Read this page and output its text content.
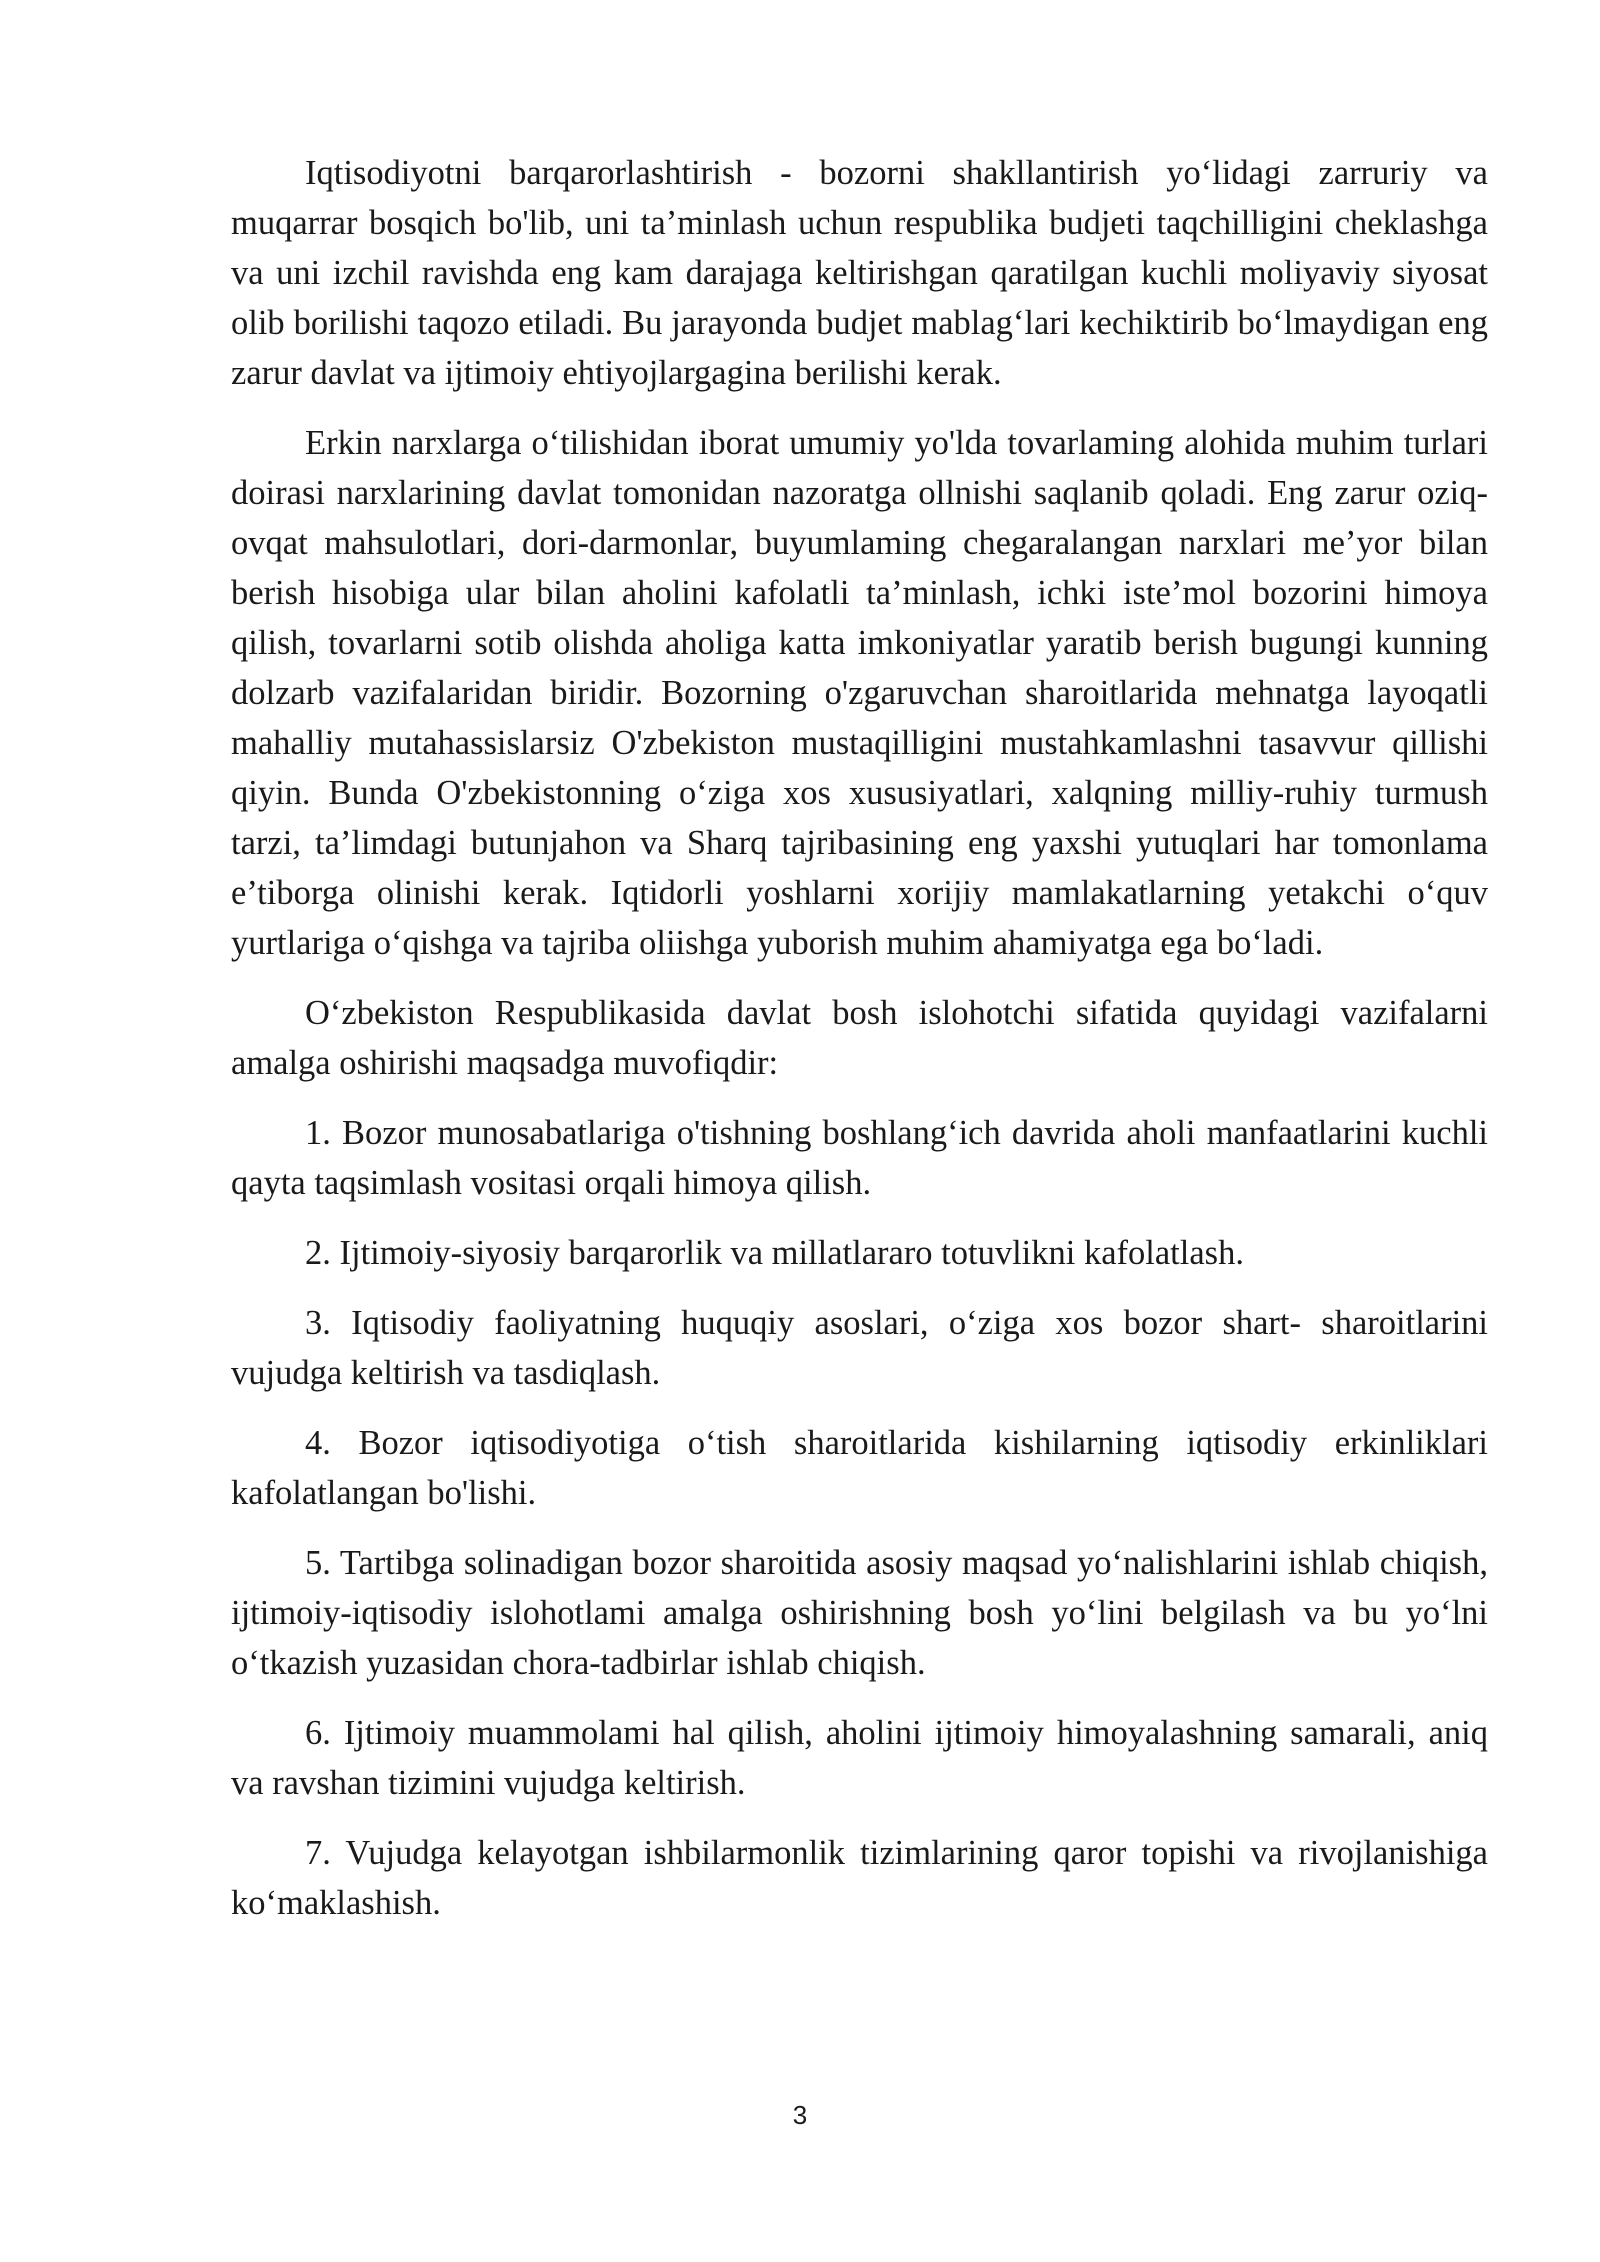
Iqtisodiyotni barqarorlashtirish - bozorni shakllantirish yo‘lidagi zarruriy va muqarrar bosqich bo'lib, uni ta’minlash uchun respublika budjeti taqchilligini cheklashga va uni izchil ravishda eng kam darajaga keltirishgan qaratilgan kuchli moliyaviy siyosat olib borilishi taqozo etiladi. Bu jarayonda budjet mablag‘lari kechiktirib bo‘lmaydigan eng zarur davlat va ijtimoiy ehtiyojlargagina berilishi kerak.

Erkin narxlarga o‘tilishidan iborat umumiy yo'lda tovarlaming alohida muhim turlari doirasi narxlarining davlat tomonidan nazoratga ollnishi saqlanib qoladi. Eng zarur oziq-ovqat mahsulotlari, dori-darmonlar, buyumlaming chegaralangan narxlari me’yor bilan berish hisobiga ular bilan aholini kafolatli ta’minlash, ichki iste’mol bozorini himoya qilish, tovarlarni sotib olishda aholiga katta imkoniyatlar yaratib berish bugungi kunning dolzarb vazifalaridan biridir. Bozorning o'zgaruvchan sharoitlarida mehnatga layoqatli mahalliy mutahassislarsiz O'zbekiston mustaqilligini mustahkamlashni tasavvur qillishi qiyin. Bunda O'zbekistonning o‘ziga xos xususiyatlari, xalqning milliy-ruhiy turmush tarzi, ta’limdagi butunjahon va Sharq tajribasining eng yaxshi yutuqlari har tomonlama e’tiborga olinishi kerak. Iqtidorli yoshlarni xorijiy mamlakatlarning yetakchi o‘quv yurtlariga o‘qishga va tajriba oliishga yuborish muhim ahamiyatga ega bo‘ladi.

O‘zbekiston Respublikasida davlat bosh islohotchi sifatida quyidagi vazifalarni amalga oshirishi maqsadga muvofiqdir:

1. Bozor munosabatlariga o'tishning boshlang‘ich davrida aholi manfaatlarini kuchli qayta taqsimlash vositasi orqali himoya qilish.

2. Ijtimoiy-siyosiy barqarorlik va millatlararo totuvlikni kafolatlash.

3. Iqtisodiy faoliyatning huquqiy asoslari, o‘ziga xos bozor shart- sharoitlarini vujudga keltirish va tasdiqlash.

4. Bozor iqtisodiyotiga o‘tish sharoitlarida kishilarning iqtisodiy erkinliklari kafolatlangan bo'lishi.

5. Tartibga solinadigan bozor sharoitida asosiy maqsad yo‘nalishlarini ishlab chiqish, ijtimoiy-iqtisodiy islohotlami amalga oshirishning bosh yo‘lini belgilash va bu yo‘lni o‘tkazish yuzasidan chora-tadbirlar ishlab chiqish.

6. Ijtimoiy muammolami hal qilish, aholini ijtimoiy himoyalashning samarali, aniq va ravshan tizimini vujudga keltirish.

7. Vujudga kelayotgan ishbilarmonlik tizimlarining qaror topishi va rivojlanishiga ko‘maklashish.

3
